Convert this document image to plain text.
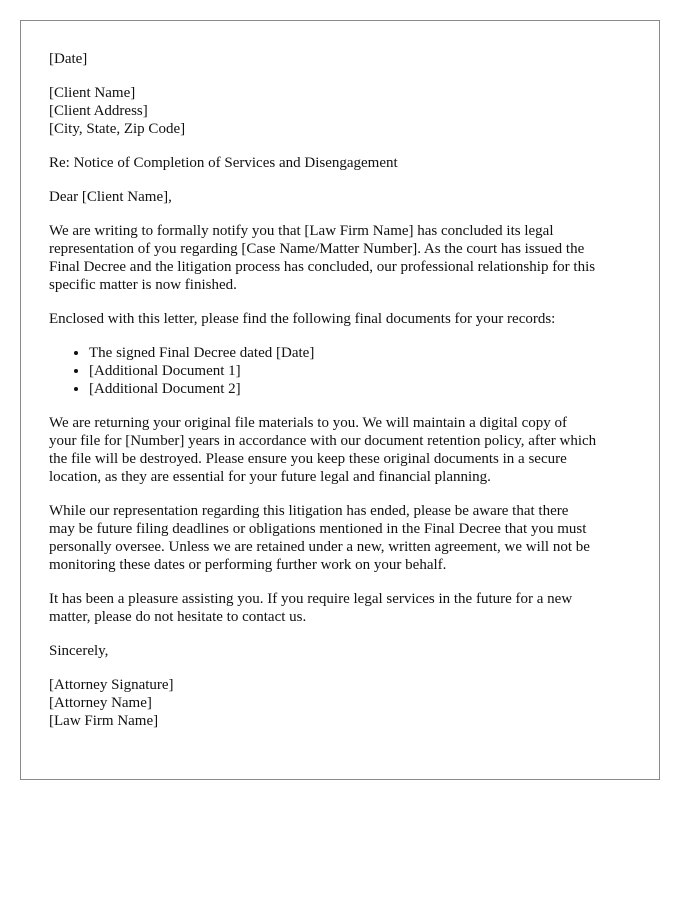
[Date]
[Client Name]
[Client Address]
[City, State, Zip Code]
Re: Notice of Completion of Services and Disengagement
Dear [Client Name],
We are writing to formally notify you that [Law Firm Name] has concluded its legal
representation of you regarding [Case Name/Matter Number]. As the court has issued the
Final Decree and the litigation process has concluded, our professional relationship for this
specific matter is now finished.
Enclosed with this letter, please find the following final documents for your records:
• The signed Final Decree dated [Date]
• [Additional Document 1]
• [Additional Document 2]
We are returning your original file materials to you. We will maintain a digital copy of
your file for [Number] years in accordance with our document retention policy, after which
the file will be destroyed. Please ensure you keep these original documents in a secure
location, as they are essential for your future legal and financial planning.
While our representation regarding this litigation has ended, please be aware that there
may be future filing deadlines or obligations mentioned in the Final Decree that you must
personally oversee. Unless we are retained under a new, written agreement, we will not be
monitoring these dates or performing further work on your behalf.
It has been a pleasure assisting you. If you require legal services in the future for a new
matter, please do not hesitate to contact us.
Sincerely,
[Attorney Signature]
[Attorney Name]
[Law Firm Name]
